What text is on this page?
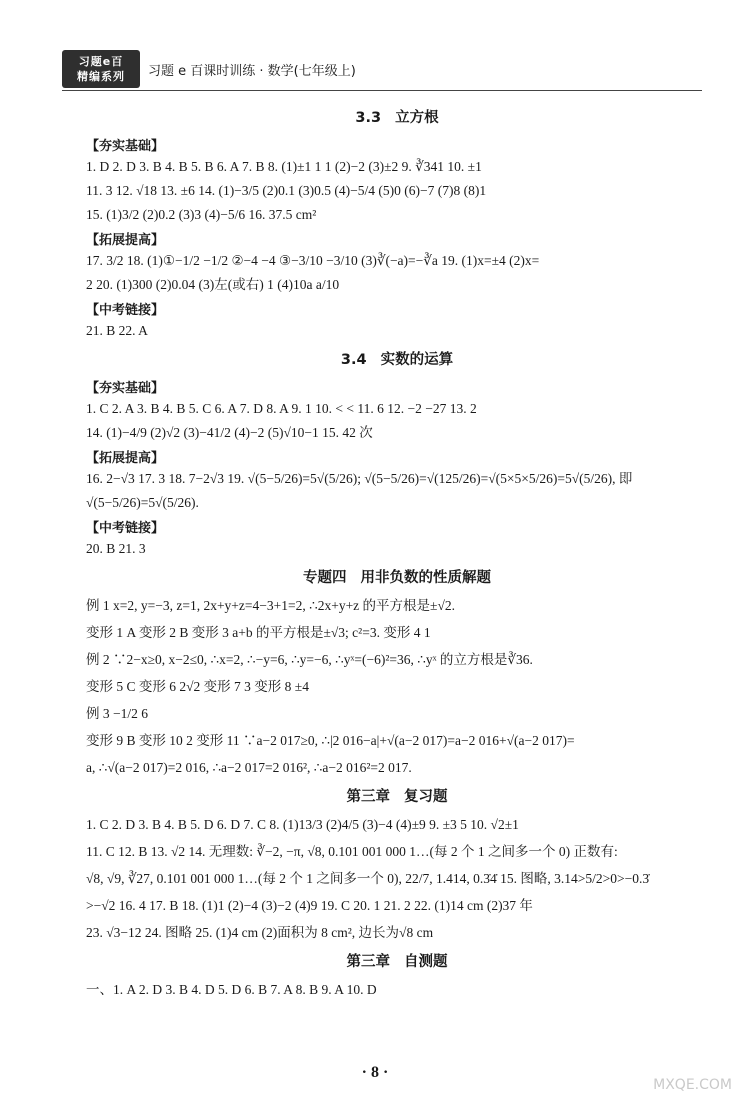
习题e百
精编系列 习题 e 百课时训练 · 数学(七年级上)
3.3 立方根
【夯实基础】
1. D 2. D 3. B 4. B 5. B 6. A 7. B 8. (1)±1 1 1 (2)−2 (3)±2 9. ∛341 10. ±1
11. 3 12. √18 13. ±6 14. (1)−3/5 (2)0.1 (3)0.5 (4)−5/4 (5)0 (6)−7 (7)8 (8)1
15. (1)3/2 (2)0.2 (3)3 (4)−5/6 16. 37.5 cm²
【拓展提高】
17. 3/2 18. (1)①−1/2 −1/2 ②−4 −4 ③−3/10 −3/10 (3)∛(−a)=−∛a 19. (1)x=±4 (2)x=
2 20. (1)300 (2)0.04 (3)左(或右) 1 (4)10a a/10
【中考链接】
21. B 22. A
3.4 实数的运算
【夯实基础】
1. C 2. A 3. B 4. B 5. C 6. A 7. D 8. A 9. 1 10. < < 11. 6 12. −2 −27 13. 2
14. (1)−4/9 (2)√2 (3)−41/2 (4)−2 (5)√10−1 15. 42 次
【拓展提高】
16. 2−√3 17. 3 18. 7−2√3 19. √(5−5/26)=5√(5/26); √(5−5/26)=√(125/26)=√(5×5×5/26)=5√(5/26), 即
√(5−5/26)=5√(5/26).
【中考链接】
20. B 21. 3
专题四 用非负数的性质解题
例 1 x=2, y=−3, z=1, 2x+y+z=4−3+1=2, ∴2x+y+z 的平方根是±√2.
变形 1 A 变形 2 B 变形 3 a+b 的平方根是±√3; c²=3. 变形 4 1
例 2 ∵2−x≥0, x−2≤0, ∴x=2, ∴−y=6, ∴y=−6, ∴yˣ=(−6)²=36, ∴yˣ 的立方根是∛36.
变形 5 C 变形 6 2√2 变形 7 3 变形 8 ±4
例 3 −1/2 6
变形 9 B 变形 10 2 变形 11 ∵a−2 017≥0, ∴|2 016−a|+√(a−2 017)=a−2 016+√(a−2 017)=
a, ∴√(a−2 017)=2 016, ∴a−2 017=2 016², ∴a−2 016²=2 017.
第三章 复习题
1. C 2. D 3. B 4. B 5. D 6. D 7. C 8. (1)13/3 (2)4/5 (3)−4 (4)±9 9. ±3 5 10. √2±1
11. C 12. B 13. √2 14. 无理数: ∛−2, −π, √8, 0.101 001 000 1…(每 2 个 1 之间多一个 0) 正数有:
√8, √9, ∛27, 0.101 001 000 1…(每 2 个 1 之间多一个 0), 22/7, 1.414, 0.3̇4̇ 15. 图略, 3.14>5/2>0>−0.3̇
>−√2 16. 4 17. B 18. (1)1 (2)−4 (3)−2 (4)9 19. C 20. 1 21. 2 22. (1)14 cm (2)37 年
23. √3−12 24. 图略 25. (1)4 cm (2)面积为 8 cm², 边长为√8 cm
第三章 自测题
一、1. A 2. D 3. B 4. D 5. D 6. B 7. A 8. B 9. A 10. D
· 8 ·
MXQE.COM
